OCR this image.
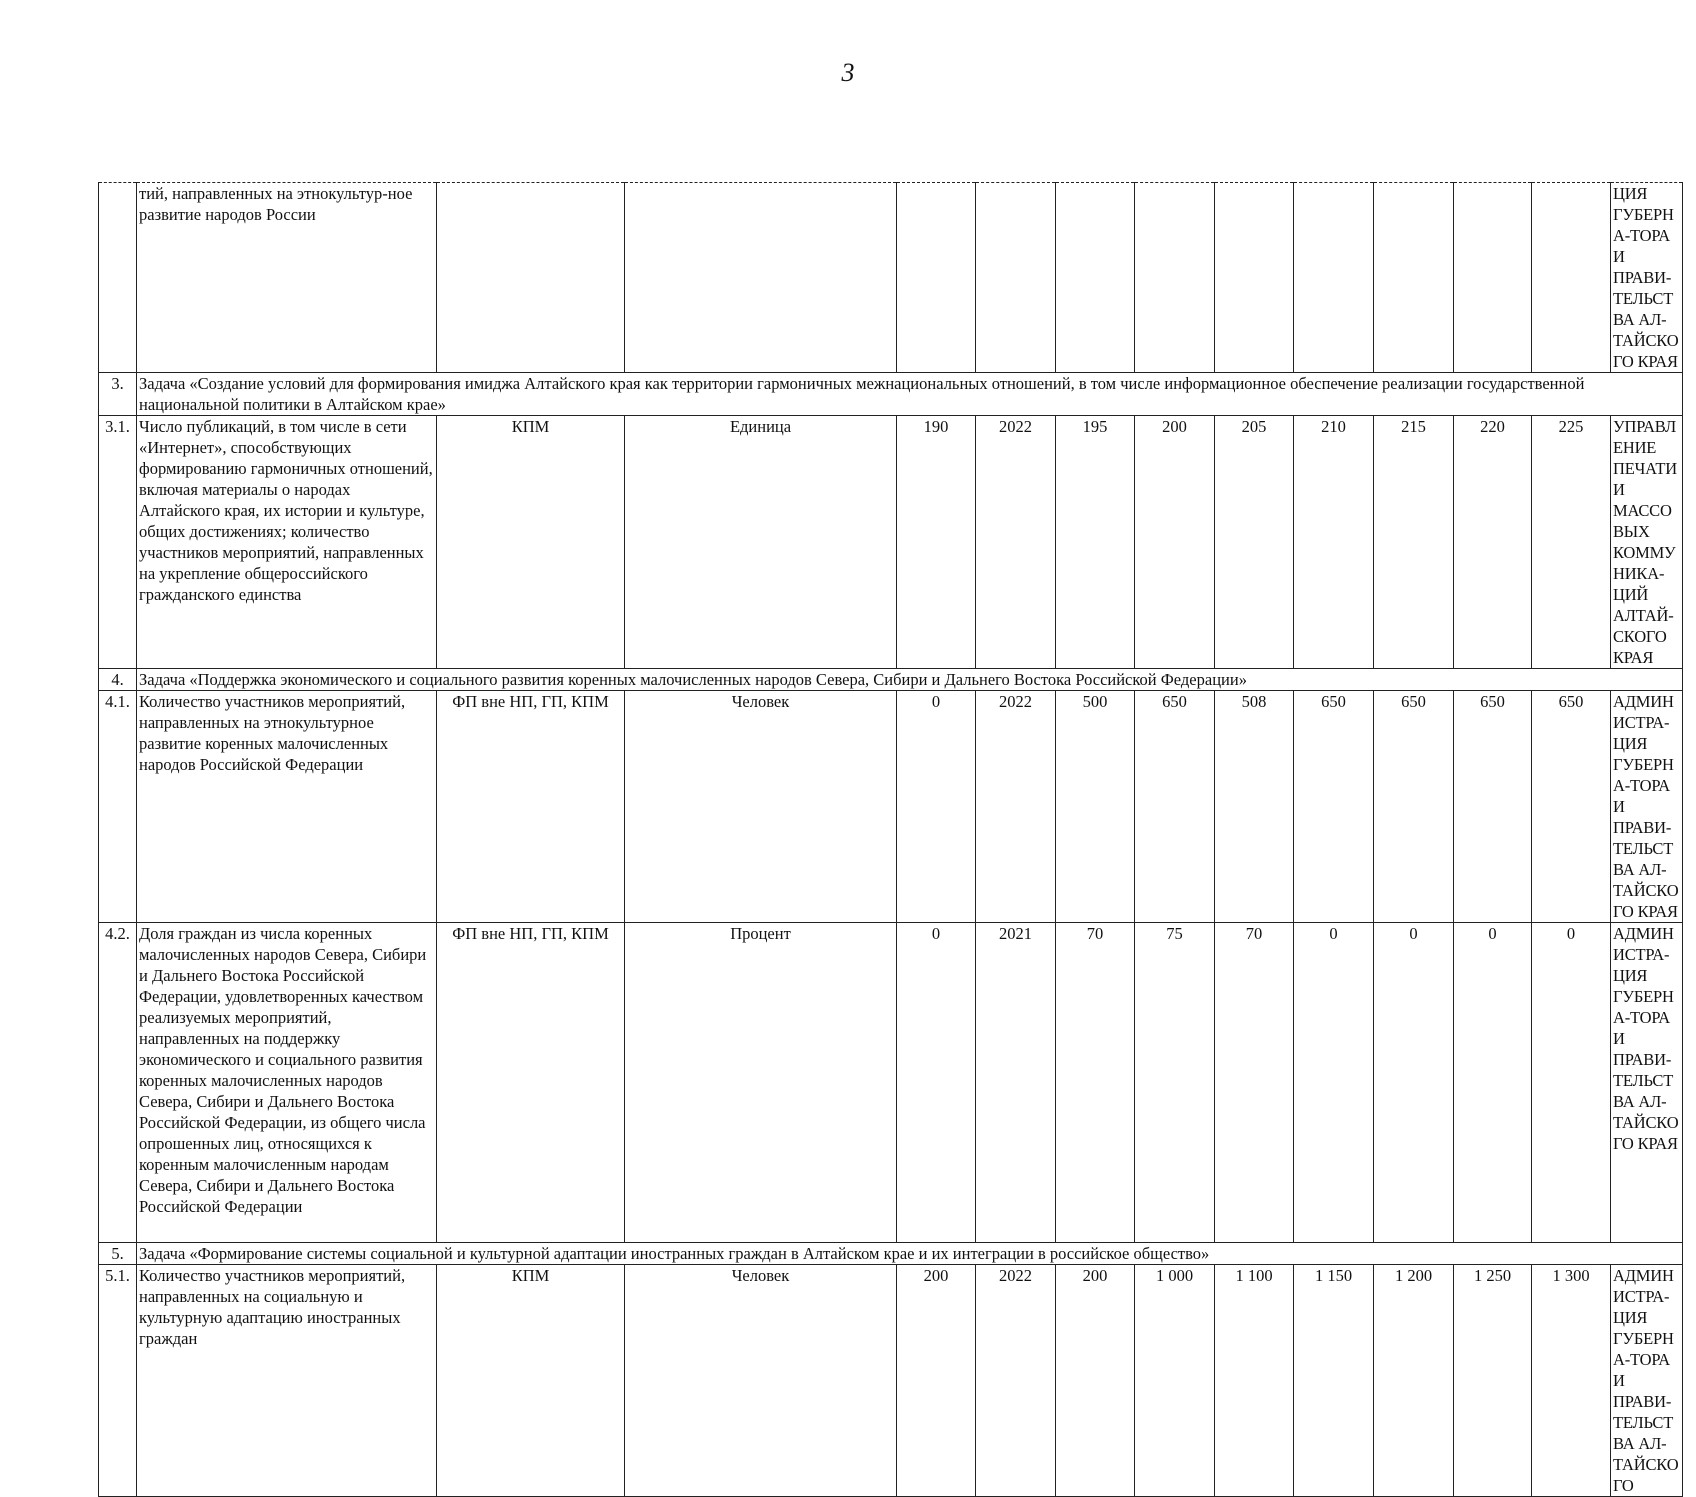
3
	тий, направленных на этнокультур-ное развитие народов России												ЦИЯ ГУБЕРНА-ТОРА И ПРАВИ-ТЕЛЬСТВА АЛ-ТАЙСКОГО КРАЯ
3.	Задача «Создание условий для формирования имиджа Алтайского края как территории гармоничных межнациональных отношений, в том числе информационное обеспечение реализации государственной национальной политики в Алтайском крае»												
3.1.	Число публикаций, в том числе в сети «Интернет», способствующих формированию гармоничных отношений, включая материалы о народах Алтайского края, их истории и культуре, общих достижениях; количество участников мероприятий, направленных на укрепление общероссийского гражданского единства	КПМ	Единица	190	2022	195	200	205	210	215	220	225	УПРАВЛЕНИЕ ПЕЧАТИ И МАССОВЫХ КОММУНИКА-ЦИЙ АЛТАЙ-СКОГО КРАЯ
4.	Задача «Поддержка экономического и социального развития коренных малочисленных народов Севера, Сибири и Дальнего Востока Российской Федерации»												
4.1.	Количество участников мероприятий, направленных на этнокультурное развитие коренных малочисленных народов Российской Федерации	ФП вне НП, ГП, КПМ	Человек	0	2022	500	650	508	650	650	650	650	АДМИНИСТРА-ЦИЯ ГУБЕРНА-ТОРА И ПРАВИ-ТЕЛЬСТВА АЛ-ТАЙСКОГО КРАЯ
4.2.	Доля граждан из числа коренных малочисленных народов Севера, Сибири и Дальнего Востока Российской Федерации, удовлетворенных качеством реализуемых мероприятий, направленных на поддержку экономического и социального развития коренных малочисленных народов Севера, Сибири и Дальнего Востока Российской Федерации, из общего числа опрошенных лиц, относящихся к коренным малочисленным народам Севера, Сибири и Дальнего Востока Российской Федерации	ФП вне НП, ГП, КПМ	Процент	0	2021	70	75	70	0	0	0	0	АДМИНИСТРА-ЦИЯ ГУБЕРНА-ТОРА И ПРАВИ-ТЕЛЬСТВА АЛ-ТАЙСКОГО КРАЯ
5.	Задача «Формирование системы социальной и культурной адаптации иностранных граждан в Алтайском крае и их интеграции в российское общество»												
5.1.	Количество участников мероприятий, направленных на социальную и культурную адаптацию иностранных граждан	КПМ	Человек	200	2022	200	1 000	1 100	1 150	1 200	1 250	1 300	АДМИНИСТРА-ЦИЯ ГУБЕРНА-ТОРА И ПРАВИ-ТЕЛЬСТВА АЛ-ТАЙСКОГО
